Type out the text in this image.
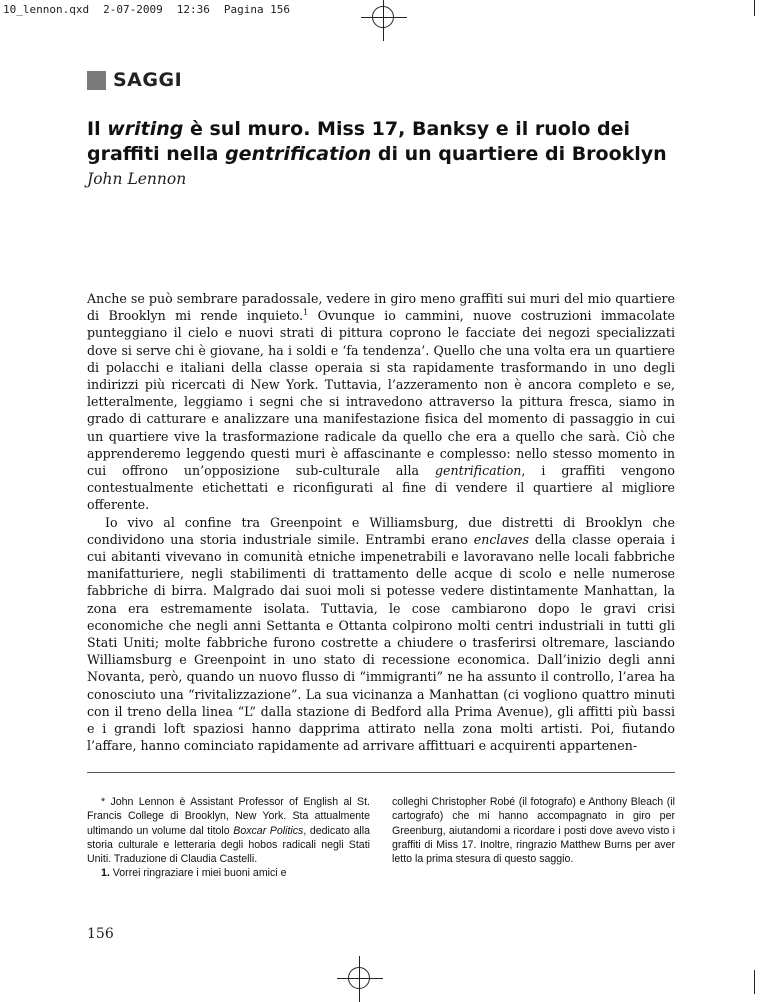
10_lennon.qxd 2-07-2009 12:36 Pagina 156
SAGGI
Il writing è sul muro. Miss 17, Banksy e il ruolo dei graffiti nella gentrification di un quartiere di Brooklyn
John Lennon

Anche se può sembrare paradossale, vedere in giro meno graffiti sui muri del mio quartiere di Brooklyn mi rende inquieto.$^1$ Ovunque io cammini, nuove costruzioni immacolate punteggiano il cielo e nuovi strati di pittura coprono le facciate dei negozi specializzati dove si serve chi è giovane, ha i soldi e ‘fa tendenza’. Quello che una volta era un quartiere di polacchi e italiani della classe operaia si sta rapidamente trasformando in uno degli indirizzi più ricercati di New York. Tuttavia, l’azzeramento non è ancora completo e se, letteralmente, leggiamo i segni che si intravedono attraverso la pittura fresca, siamo in grado di catturare e analizzare una manifestazione fisica del momento di passaggio in cui un quartiere vive la trasformazione radicale da quello che era a quello che sarà. Ciò che apprenderemo leggendo questi muri è affascinante e complesso: nello stesso momento in cui offrono un’opposizione sub-culturale alla gentrification, i graffiti vengono contestualmente etichettati e riconfigurati al fine di vendere il quartiere al migliore offerente.

Io vivo al confine tra Greenpoint e Williamsburg, due distretti di Brooklyn che condividono una storia industriale simile. Entrambi erano enclaves della classe operaia i cui abitanti vivevano in comunità etniche impenetrabili e lavoravano nelle locali fabbriche manifatturiere, negli stabilimenti di trattamento delle acque di scolo e nelle numerose fabbriche di birra. Malgrado dai suoi moli si potesse vedere distintamente Manhattan, la zona era estremamente isolata. Tuttavia, le cose cambiarono dopo le gravi crisi economiche che negli anni Settanta e Ottanta colpirono molti centri industriali in tutti gli Stati Uniti; molte fabbriche furono costrette a chiudere o trasferirsi oltremare, lasciando Williamsburg e Greenpoint in uno stato di recessione economica. Dall’inizio degli anni Novanta, però, quando un nuovo flusso di “immigranti” ne ha assunto il controllo, l’area ha conosciuto una “rivitalizzazione”. La sua vicinanza a Manhattan (ci vogliono quattro minuti con il treno della linea “L” dalla stazione di Bedford alla Prima Avenue), gli affitti più bassi e i grandi loft spaziosi hanno dapprima attirato nella zona molti artisti. Poi, fiutando l’affare, hanno cominciato rapidamente ad arrivare affittuari e acquirenti appartenen-

* John Lennon è Assistant Professor of English al St. Francis College di Brooklyn, New York. Sta attualmente ultimando un volume dal titolo Boxcar Politics, dedicato alla storia culturale e letteraria degli hobos radicali negli Stati Uniti. Traduzione di Claudia Castelli.

1. Vorrei ringraziare i miei buoni amici e

colleghi Christopher Robé (il fotografo) e Anthony Bleach (il cartografo) che mi hanno accompagnato in giro per Greenburg, aiutandomi a ricordare i posti dove avevo visto i graffiti di Miss 17. Inoltre, ringrazio Matthew Burns per aver letto la prima stesura di questo saggio.

156
